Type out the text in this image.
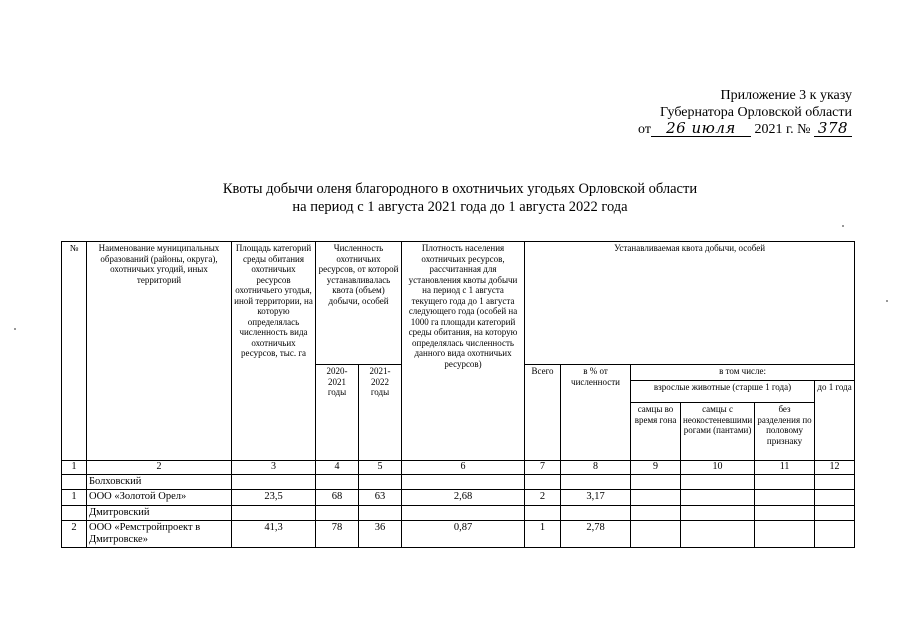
Приложение 3 к указу
Губернатора Орловской области
от 26 июля 2021 г. № 378
Квоты добычи оленя благородного в охотничьих угодьях Орловской области
на период с 1 августа 2021 года до 1 августа 2022 года
№	Наименование муниципальных образований (районы, округа), охотничьих угодий, иных территорий	Площадь категорий среды обитания охотничьих ресурсов охотничьего угодья, иной территории, на которую определялась численность вида охотничьих ресурсов, тыс. га	Численность охотничьих ресурсов, от которой устанавливалась квота (объем) добычи, особей		Плотность населения охотничьих ресурсов, рассчитанная для установления квоты добычи на период с 1 августа текущего года до 1 августа следующего года (особей на 1000 га площади категорий среды обитания, на которую определялась численность данного вида охотничьих ресурсов)	Устанавливаемая квота добычи, особей					
			2020-2021 годы	2021-2022 годы		Всего	в % от численности	в том числе:			
								взрослые животные (старше 1 года)			до 1 года
								самцы во время гона	самцы с неокостеневшими рогами (пантами)	без разделения по половому признаку	
1	2	3	4	5	6	7	8	9	10	11	12
	Болховский										
1	ООО «Золотой Орел»	23,5	68	63	2,68	2	3,17				
	Дмитровский										
2	ООО «Ремстройпроект в Дмитровске»	41,3	78	36	0,87	1	2,78				
